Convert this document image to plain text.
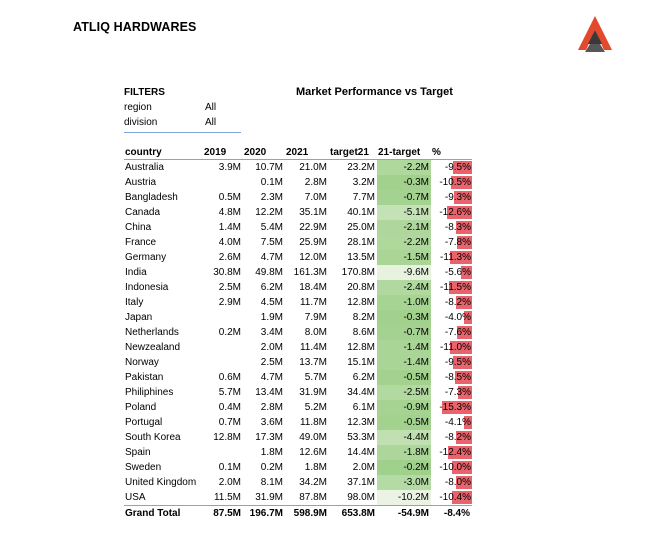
ATLIQ HARDWARES
FILTERS
region	All
division	All
Market Performance vs Target
country	2019	2020	2021	target21	21-target	%
Australia	3.9M	10.7M	21.0M	23.2M	-2.2M	-9.5%
Austria		0.1M	2.8M	3.2M	-0.3M	-10.5%
Bangladesh	0.5M	2.3M	7.0M	7.7M	-0.7M	-9.3%
Canada	4.8M	12.2M	35.1M	40.1M	-5.1M	-12.6%
China	1.4M	5.4M	22.9M	25.0M	-2.1M	-8.3%
France	4.0M	7.5M	25.9M	28.1M	-2.2M	-7.8%
Germany	2.6M	4.7M	12.0M	13.5M	-1.5M	-11.3%
India	30.8M	49.8M	161.3M	170.8M	-9.6M	-5.6%
Indonesia	2.5M	6.2M	18.4M	20.8M	-2.4M	-11.5%
Italy	2.9M	4.5M	11.7M	12.8M	-1.0M	-8.2%
Japan		1.9M	7.9M	8.2M	-0.3M	-4.0%
Netherlands	0.2M	3.4M	8.0M	8.6M	-0.7M	-7.6%
Newzealand		2.0M	11.4M	12.8M	-1.4M	-11.0%
Norway		2.5M	13.7M	15.1M	-1.4M	-9.5%
Pakistan	0.6M	4.7M	5.7M	6.2M	-0.5M	-8.5%
Philiphines	5.7M	13.4M	31.9M	34.4M	-2.5M	-7.3%
Poland	0.4M	2.8M	5.2M	6.1M	-0.9M	-15.3%
Portugal	0.7M	3.6M	11.8M	12.3M	-0.5M	-4.1%
South Korea	12.8M	17.3M	49.0M	53.3M	-4.4M	-8.2%
Spain		1.8M	12.6M	14.4M	-1.8M	-12.4%
Sweden	0.1M	0.2M	1.8M	2.0M	-0.2M	-10.0%
United Kingdom	2.0M	8.1M	34.2M	37.1M	-3.0M	-8.0%
USA	11.5M	31.9M	87.8M	98.0M	-10.2M	-10.4%
Grand Total	87.5M	196.7M	598.9M	653.8M	-54.9M	-8.4%
